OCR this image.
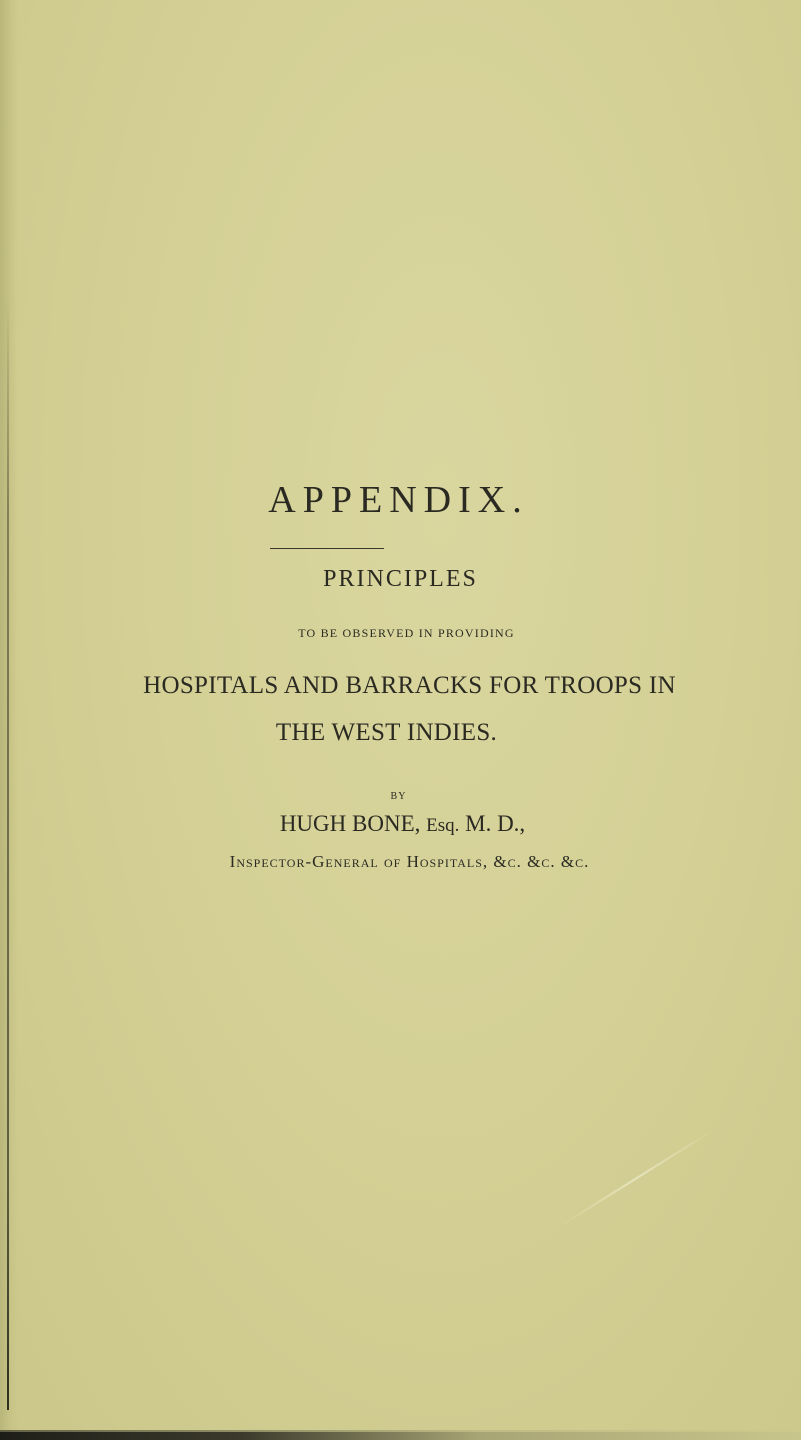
APPENDIX.
PRINCIPLES
TO BE OBSERVED IN PROVIDING
HOSPITALS AND BARRACKS FOR TROOPS IN
THE WEST INDIES.
BY
HUGH BONE, Esq. M. D.,
Inspector-General of Hospitals, &c. &c. &c.
